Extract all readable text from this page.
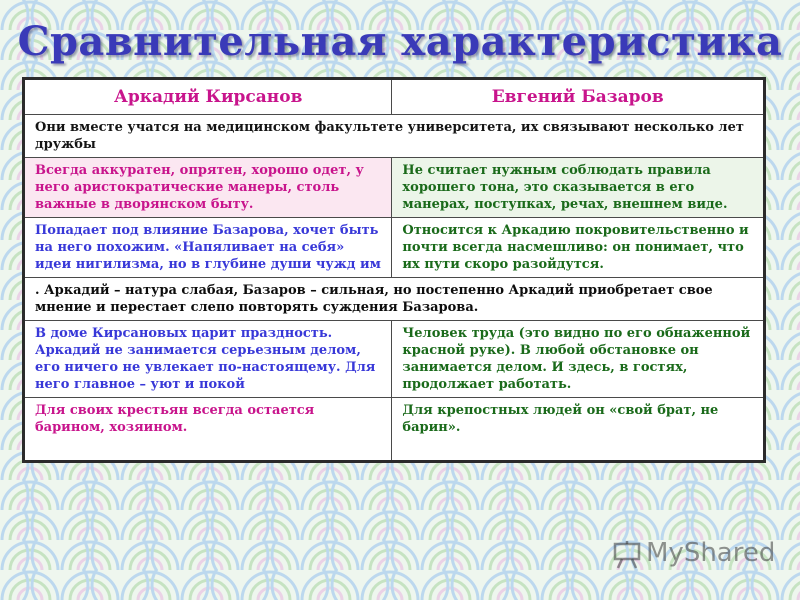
Сравнительная характеристика
Аркадий Кирсанов	Евгений Базаров
Они вместе учатся на медицинском факультете университета, их связывают несколько лет дружбы	
Всегда аккуратен, опрятен, хорошо одет, у него аристократические манеры, столь важные в дворянском быту.	Не считает нужным соблюдать правила хорошего тона, это сказывается в его манерах, поступках, речах, внешнем виде.
Попадает под влияние Базарова, хочет быть на него похожим. «Напяливает на себя» идеи нигилизма, но в глубине души чужд им	Относится к Аркадию покровительственно и почти всегда насмешливо: он понимает, что их пути скоро разойдутся.
. Аркадий – натура слабая, Базаров – сильная, но постепенно Аркадий приобретает свое мнение и перестает слепо повторять суждения Базарова.	
В доме Кирсановых царит праздность. Аркадий не занимается серьезным делом, его ничего не увлекает по-настоящему. Для него главное – уют и покой	Человек труда (это видно по его обнаженной красной руке). В любой обстановке он занимается делом. И здесь, в гостях, продолжает работать.
Для своих крестьян всегда остается барином, хозяином.	Для крепостных людей он «свой брат, не барин».
MyShared
